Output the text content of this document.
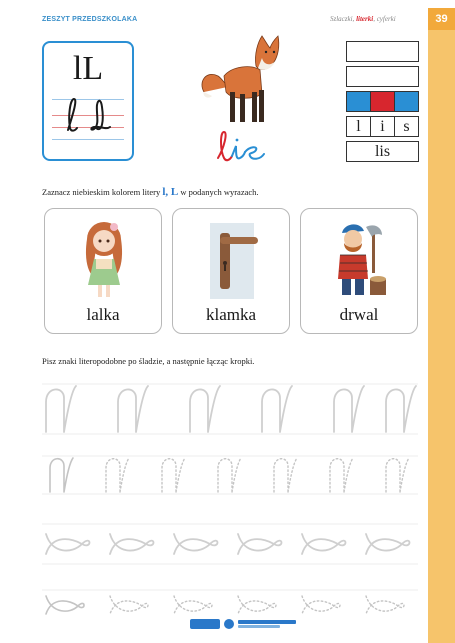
39
ZESZYT PRZEDSZKOLAKA	Szlaczki, literki, cyferki
lL
l	i	s
lis
Zaznacz niebieskim kolorem litery l, L w podanych wyrazach.
lalka	klamka	drwal
Pisz znaki literopodobne po śladzie, a następnie łącząc kropki.
